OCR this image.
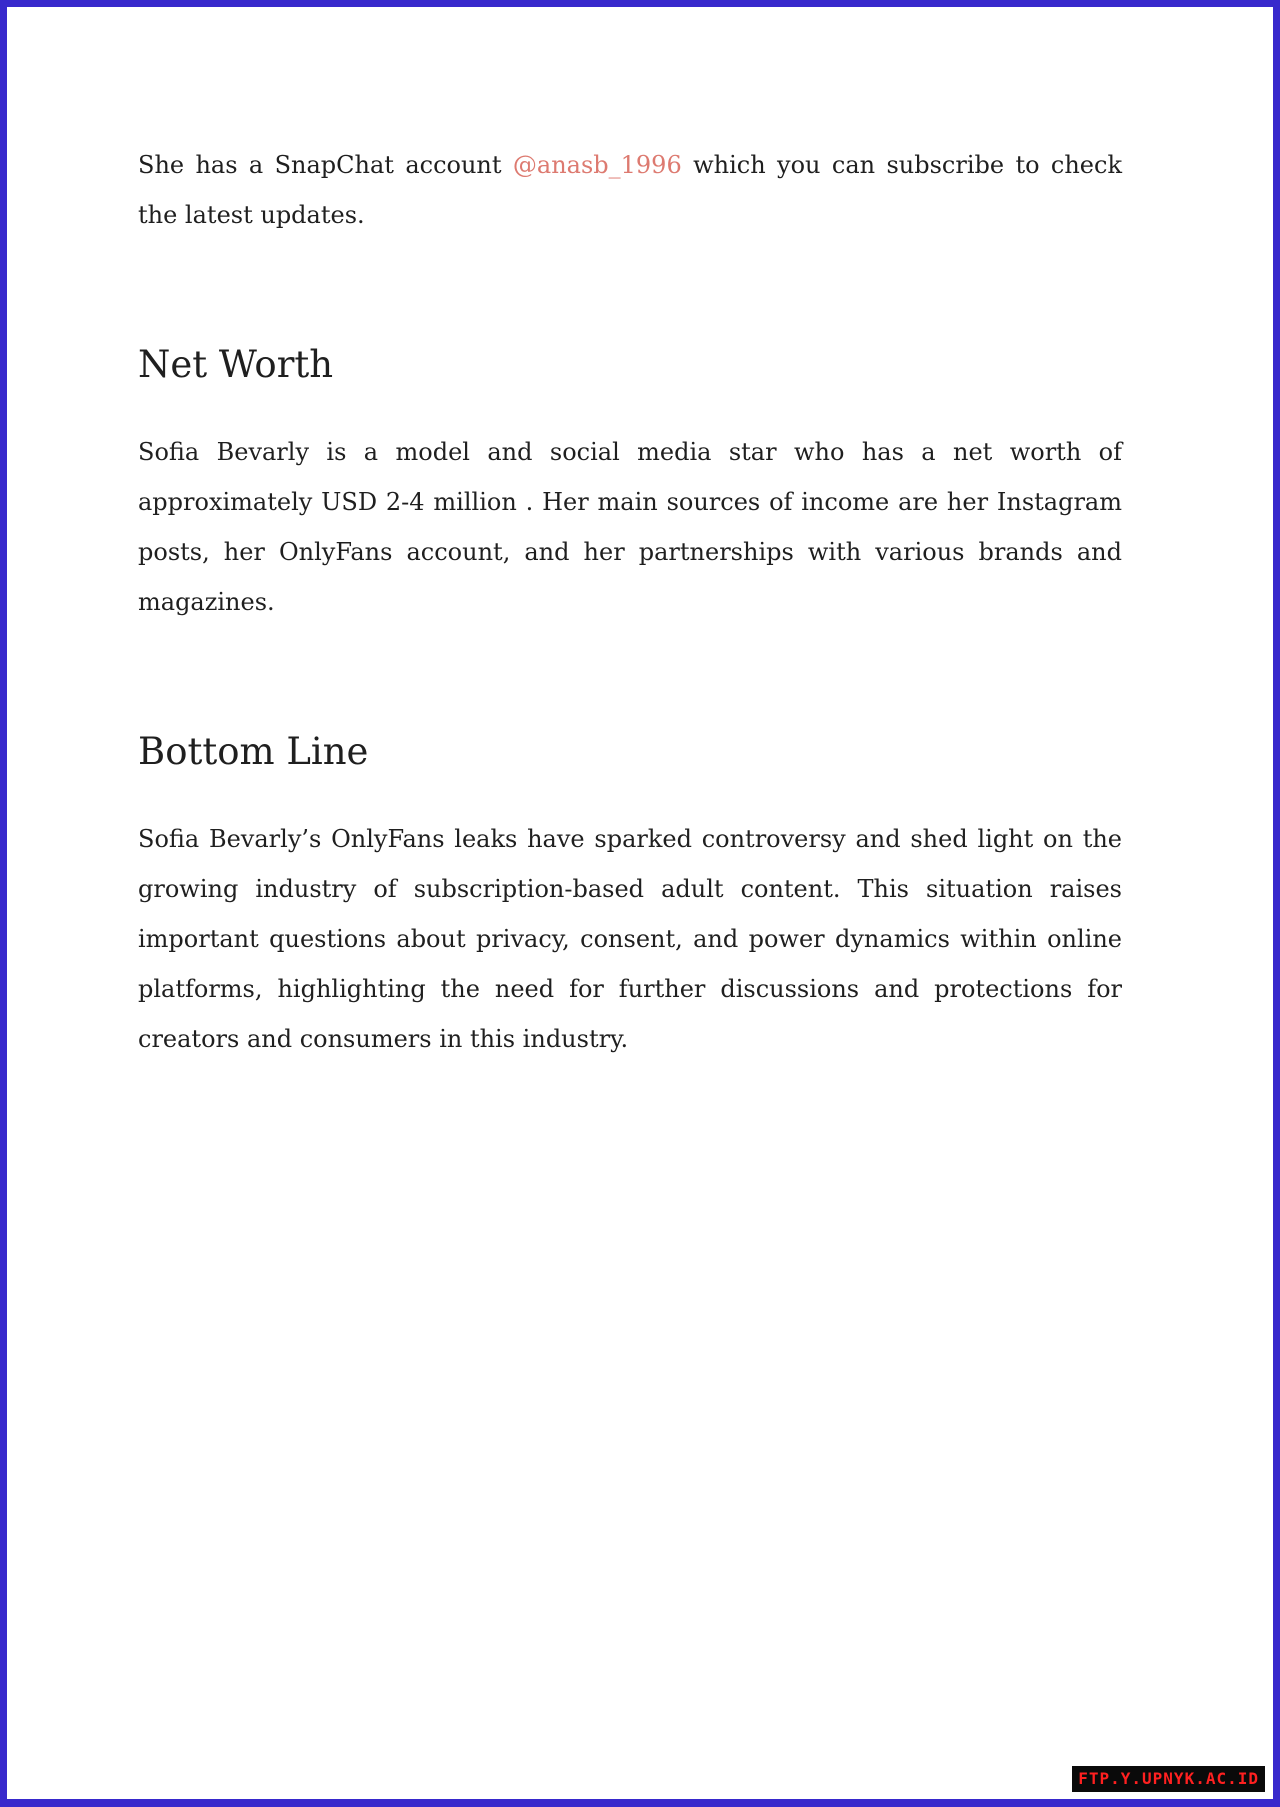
She has a SnapChat account @anasb_1996 which you can subscribe to check
the latest updates.
Net Worth
Sofia Bevarly is a model and social media star who has a net worth of
approximately USD 2-4 million . Her main sources of income are her Instagram
posts, her OnlyFans account, and her partnerships with various brands and
magazines.
Bottom Line
Sofia Bevarly’s OnlyFans leaks have sparked controversy and shed light on the
growing industry of subscription-based adult content. This situation raises
important questions about privacy, consent, and power dynamics within online
platforms, highlighting the need for further discussions and protections for
creators and consumers in this industry.
FTP.Y.UPNYK.AC.ID
